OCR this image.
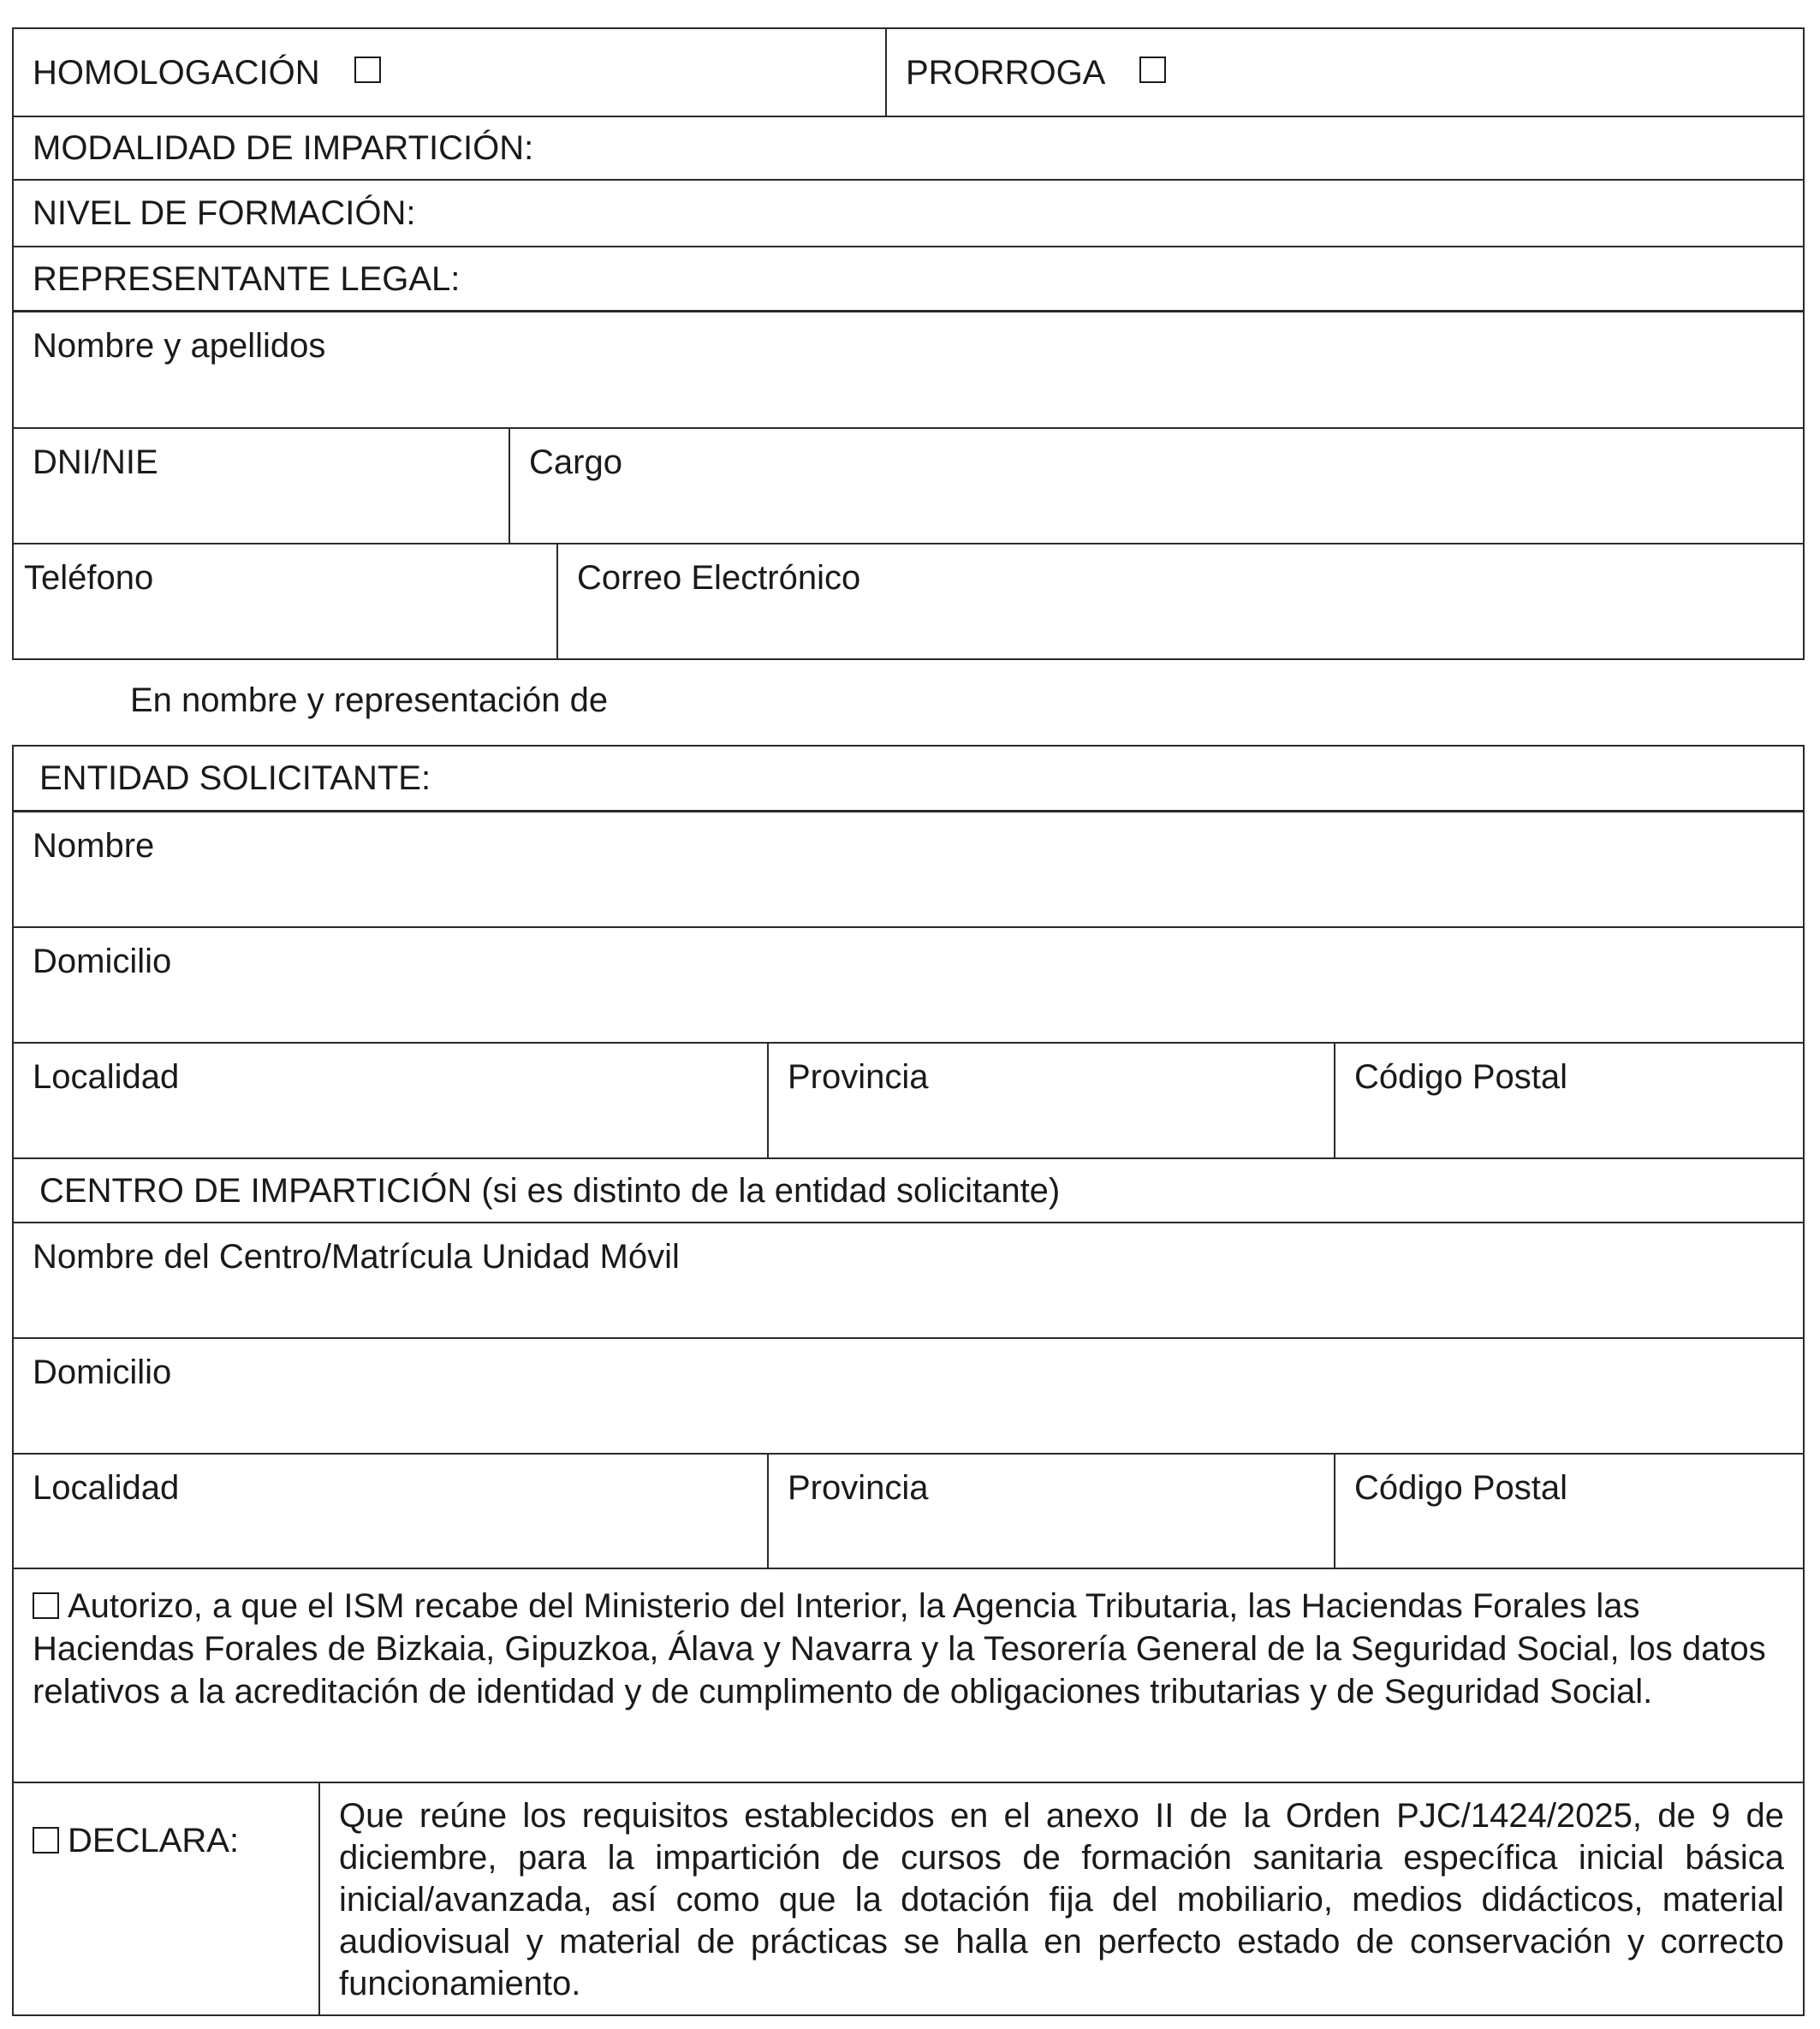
HOMOLOGACIÓN	PRORROGA
MODALIDAD DE IMPARTICIÓN:
NIVEL DE FORMACIÓN:
REPRESENTANTE LEGAL:
Nombre y apellidos
DNI/NIE	Cargo
Teléfono	Correo Electrónico
En nombre y representación de
ENTIDAD SOLICITANTE:
Nombre
Domicilio
Localidad	Provincia	Código Postal
CENTRO DE IMPARTICIÓN (si es distinto de la entidad solicitante)
Nombre del Centro/Matrícula Unidad Móvil
Domicilio
Localidad	Provincia	Código Postal
Autorizo, a que el ISM recabe del Ministerio del Interior, la Agencia Tributaria, las Haciendas Forales las Haciendas Forales de Bizkaia, Gipuzkoa, Álava y Navarra y la Tesorería General de la Seguridad Social, los datos relativos a la acreditación de identidad y de cumplimento de obligaciones tributarias y de Seguridad Social.
DECLARA:
Que reúne los requisitos establecidos en el anexo II de la Orden PJC/1424/2025, de 9 de diciembre, para la impartición de cursos de formación sanitaria específica inicial básica inicial/avanzada, así como que la dotación fija del mobiliario, medios didácticos, material audiovisual y material de prácticas se halla en perfecto estado de conservación y correcto funcionamiento.
